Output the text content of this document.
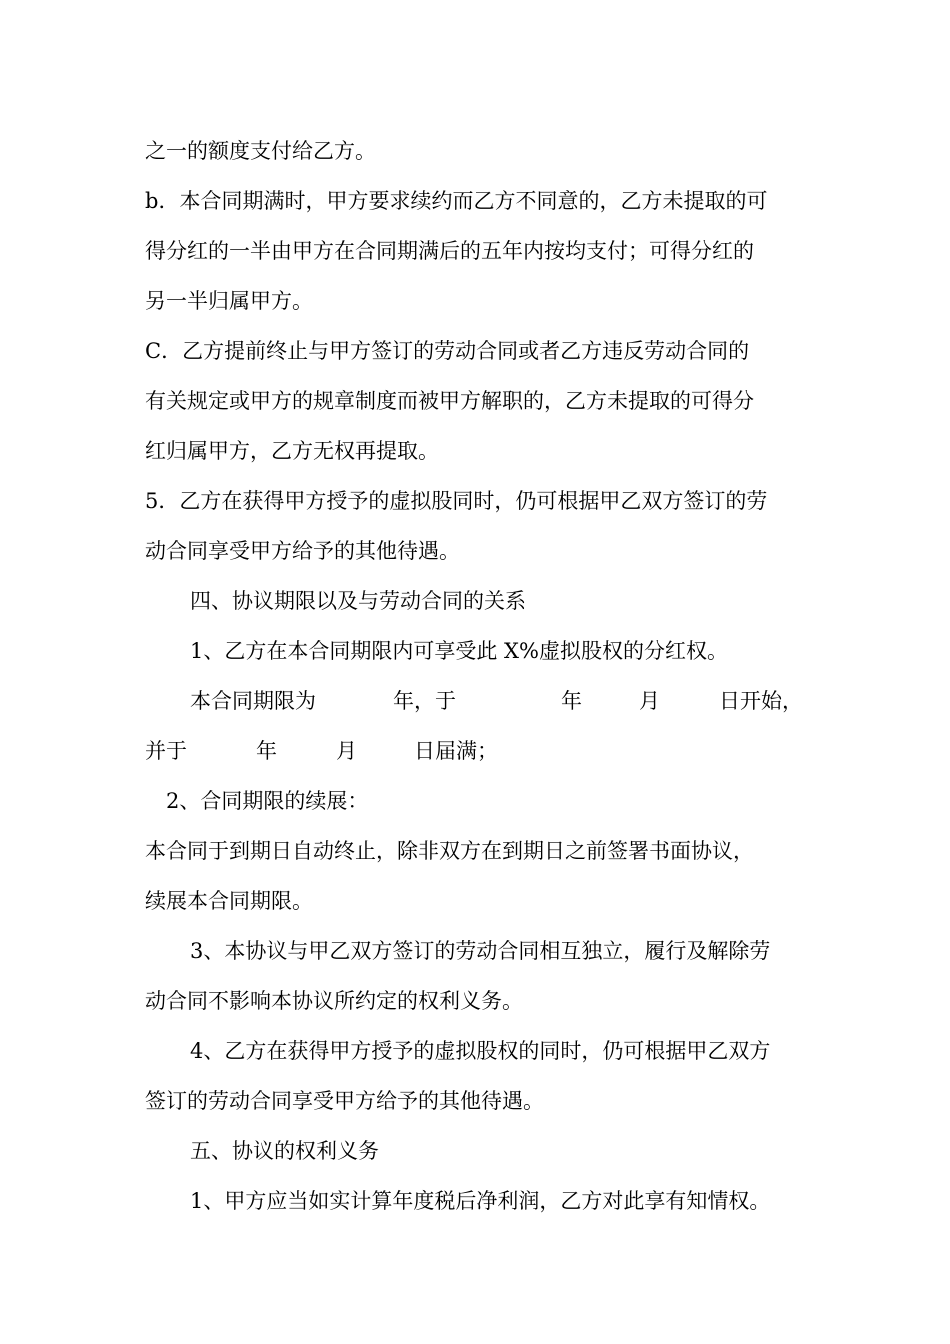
之一的额度支付给乙方。
b．本合同期满时，甲方要求续约而乙方不同意的，乙方未提取的可
得分红的一半由甲方在合同期满后的五年内按均支付；可得分红的
另一半归属甲方。
C．乙方提前终止与甲方签订的劳动合同或者乙方违反劳动合同的
有关规定或甲方的规章制度而被甲方解职的，乙方未提取的可得分
红归属甲方，乙方无权再提取。
5．乙方在获得甲方授予的虚拟股同时，仍可根据甲乙双方签订的劳
动合同享受甲方给予的其他待遇。
四、协议期限以及与劳动合同的关系
1、乙方在本合同期限内可享受此 X%虚拟股权的分红权。
本合同期限为	年，于	年	月	日开始，
并于	年	月	日届满；
2、合同期限的续展：
本合同于到期日自动终止，除非双方在到期日之前签署书面协议，
续展本合同期限。
3、本协议与甲乙双方签订的劳动合同相互独立，履行及解除劳
动合同不影响本协议所约定的权利义务。
4、乙方在获得甲方授予的虚拟股权的同时，仍可根据甲乙双方
签订的劳动合同享受甲方给予的其他待遇。
五、协议的权利义务
1、甲方应当如实计算年度税后净利润，乙方对此享有知情权。
